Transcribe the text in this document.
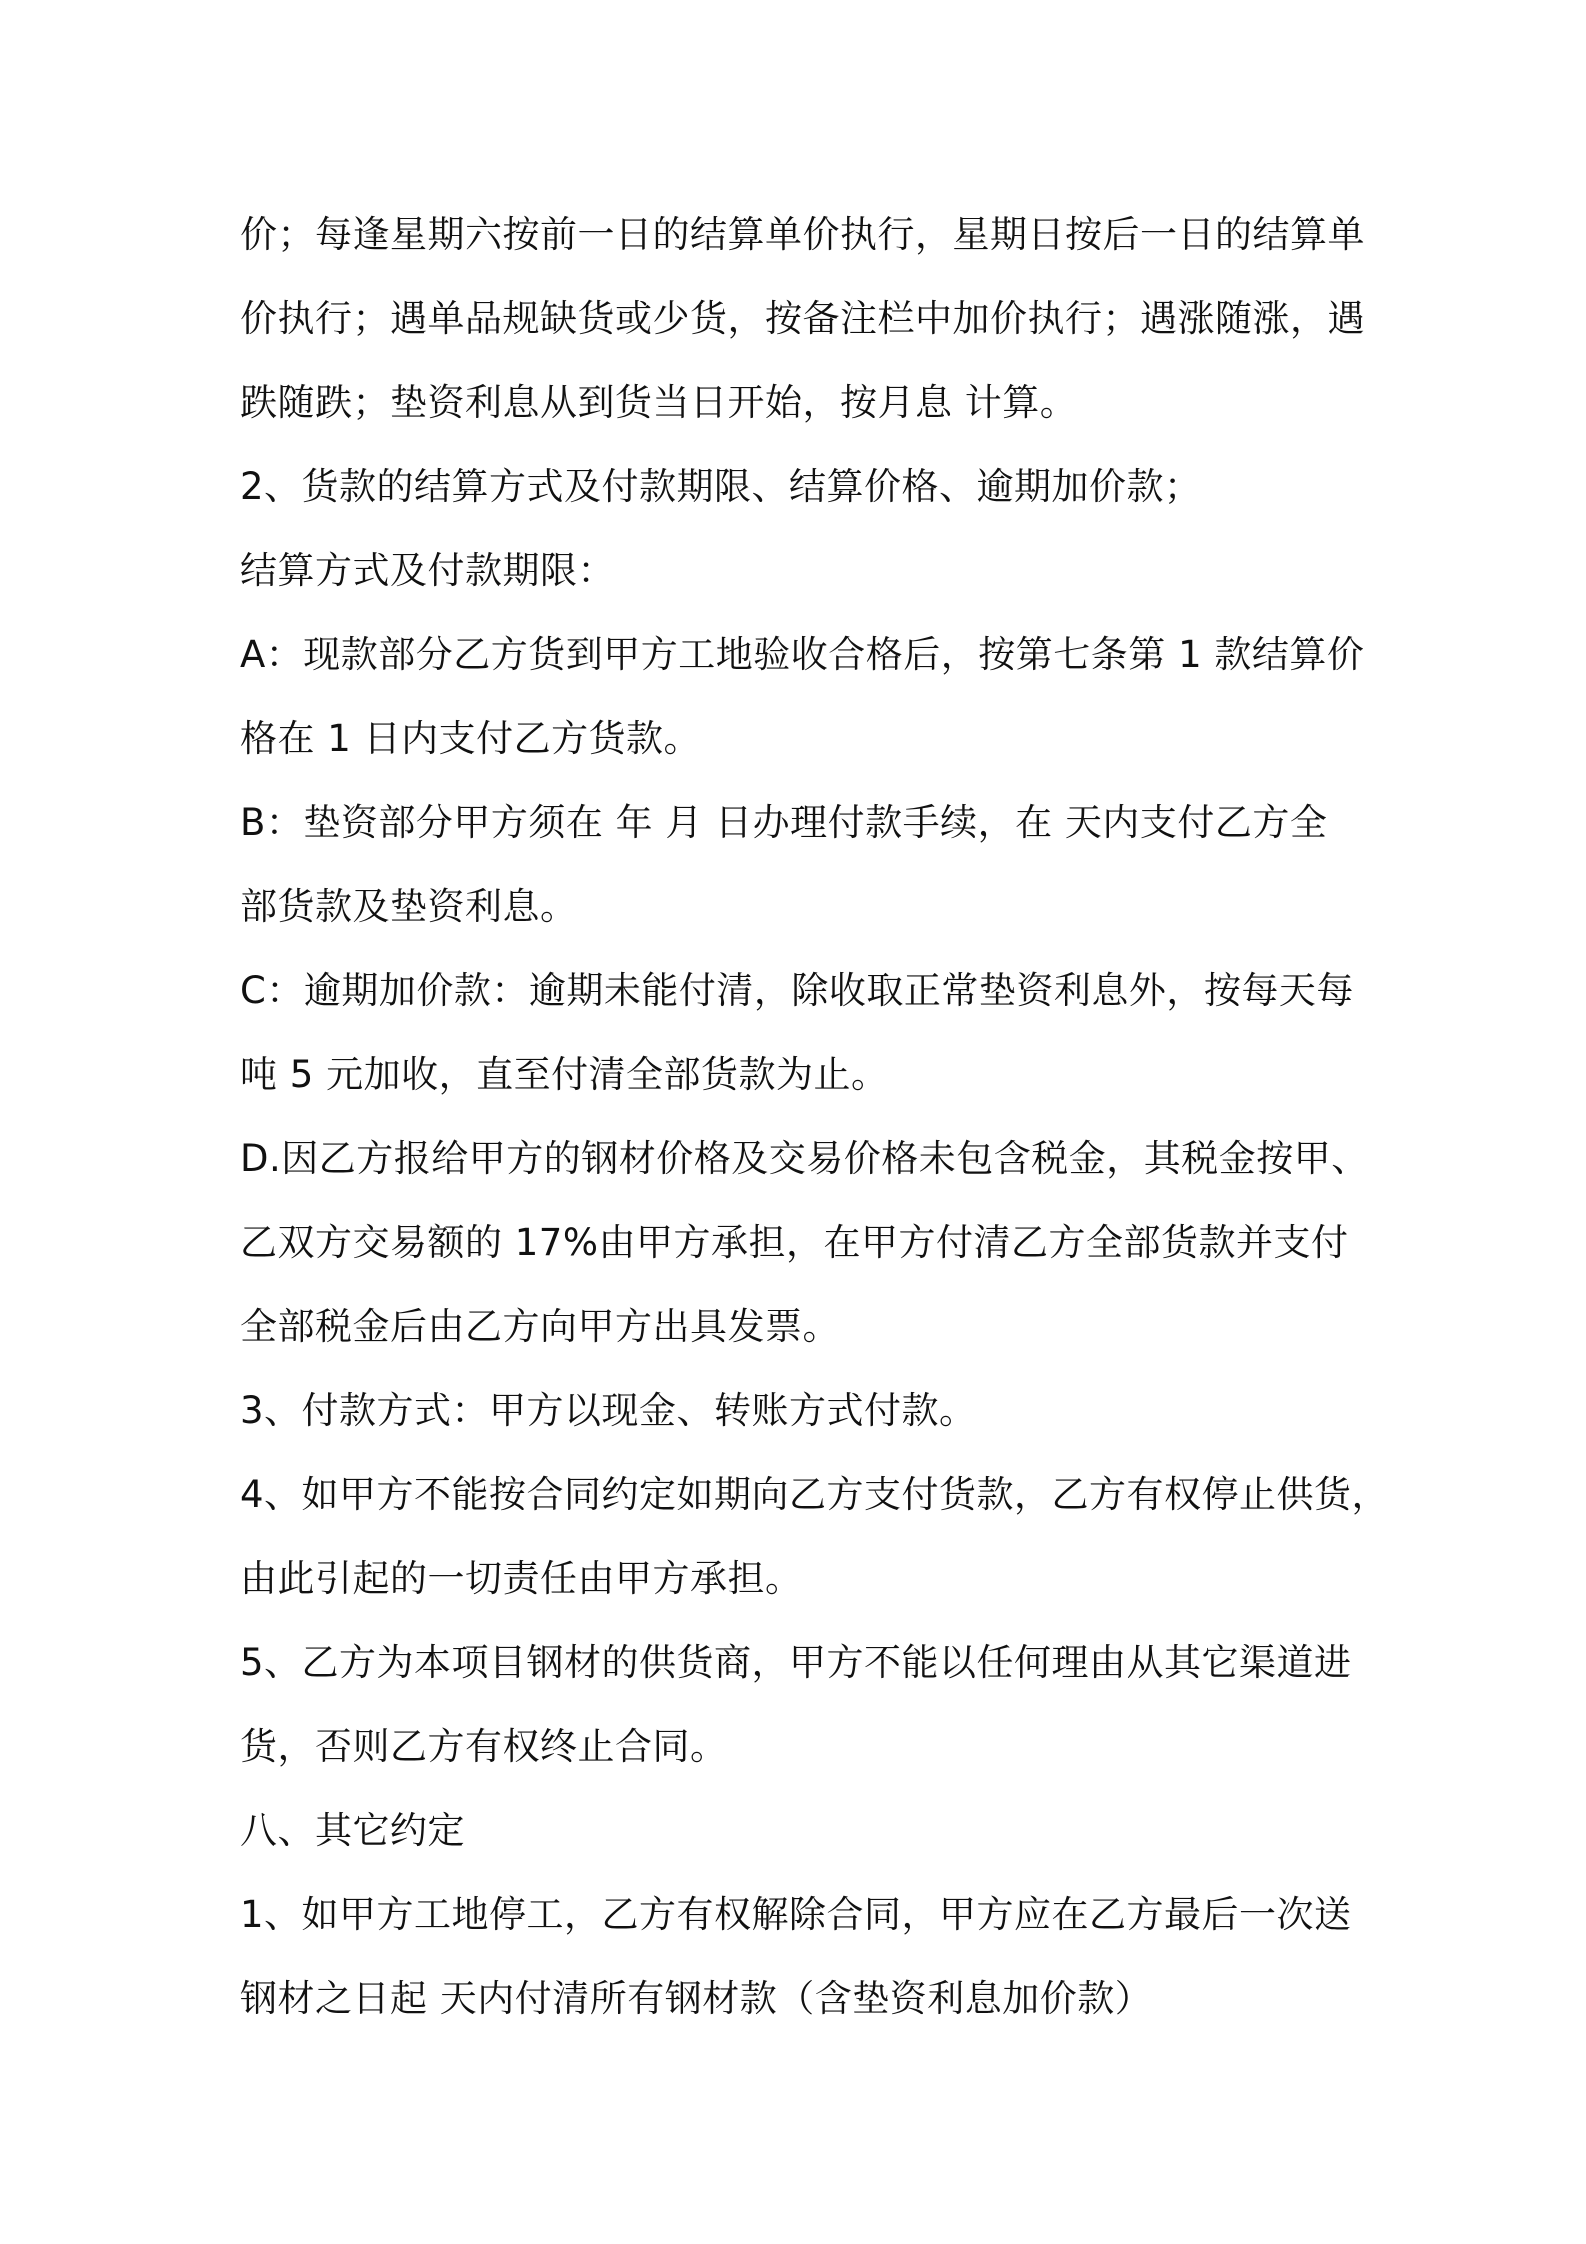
价；每逢星期六按前一日的结算单价执行，星期日按后一日的结算单
价执行；遇单品规缺货或少货，按备注栏中加价执行；遇涨随涨，遇
跌随跌；垫资利息从到货当日开始，按月息 计算。
2、货款的结算方式及付款期限、结算价格、逾期加价款；
结算方式及付款期限：
A：现款部分乙方货到甲方工地验收合格后，按第七条第 1 款结算价
格在 1 日内支付乙方货款。
B：垫资部分甲方须在 年 月 日办理付款手续，在 天内支付乙方全
部货款及垫资利息。
C：逾期加价款：逾期未能付清，除收取正常垫资利息外，按每天每
吨 5 元加收，直至付清全部货款为止。
D.因乙方报给甲方的钢材价格及交易价格未包含税金，其税金按甲、
乙双方交易额的 17%由甲方承担，在甲方付清乙方全部货款并支付
全部税金后由乙方向甲方出具发票。
3、付款方式：甲方以现金、转账方式付款。
4、如甲方不能按合同约定如期向乙方支付货款，乙方有权停止供货，
由此引起的一切责任由甲方承担。
5、乙方为本项目钢材的供货商，甲方不能以任何理由从其它渠道进
货，否则乙方有权终止合同。
八、其它约定
1、如甲方工地停工，乙方有权解除合同，甲方应在乙方最后一次送
钢材之日起 天内付清所有钢材款（含垫资利息加价款）
